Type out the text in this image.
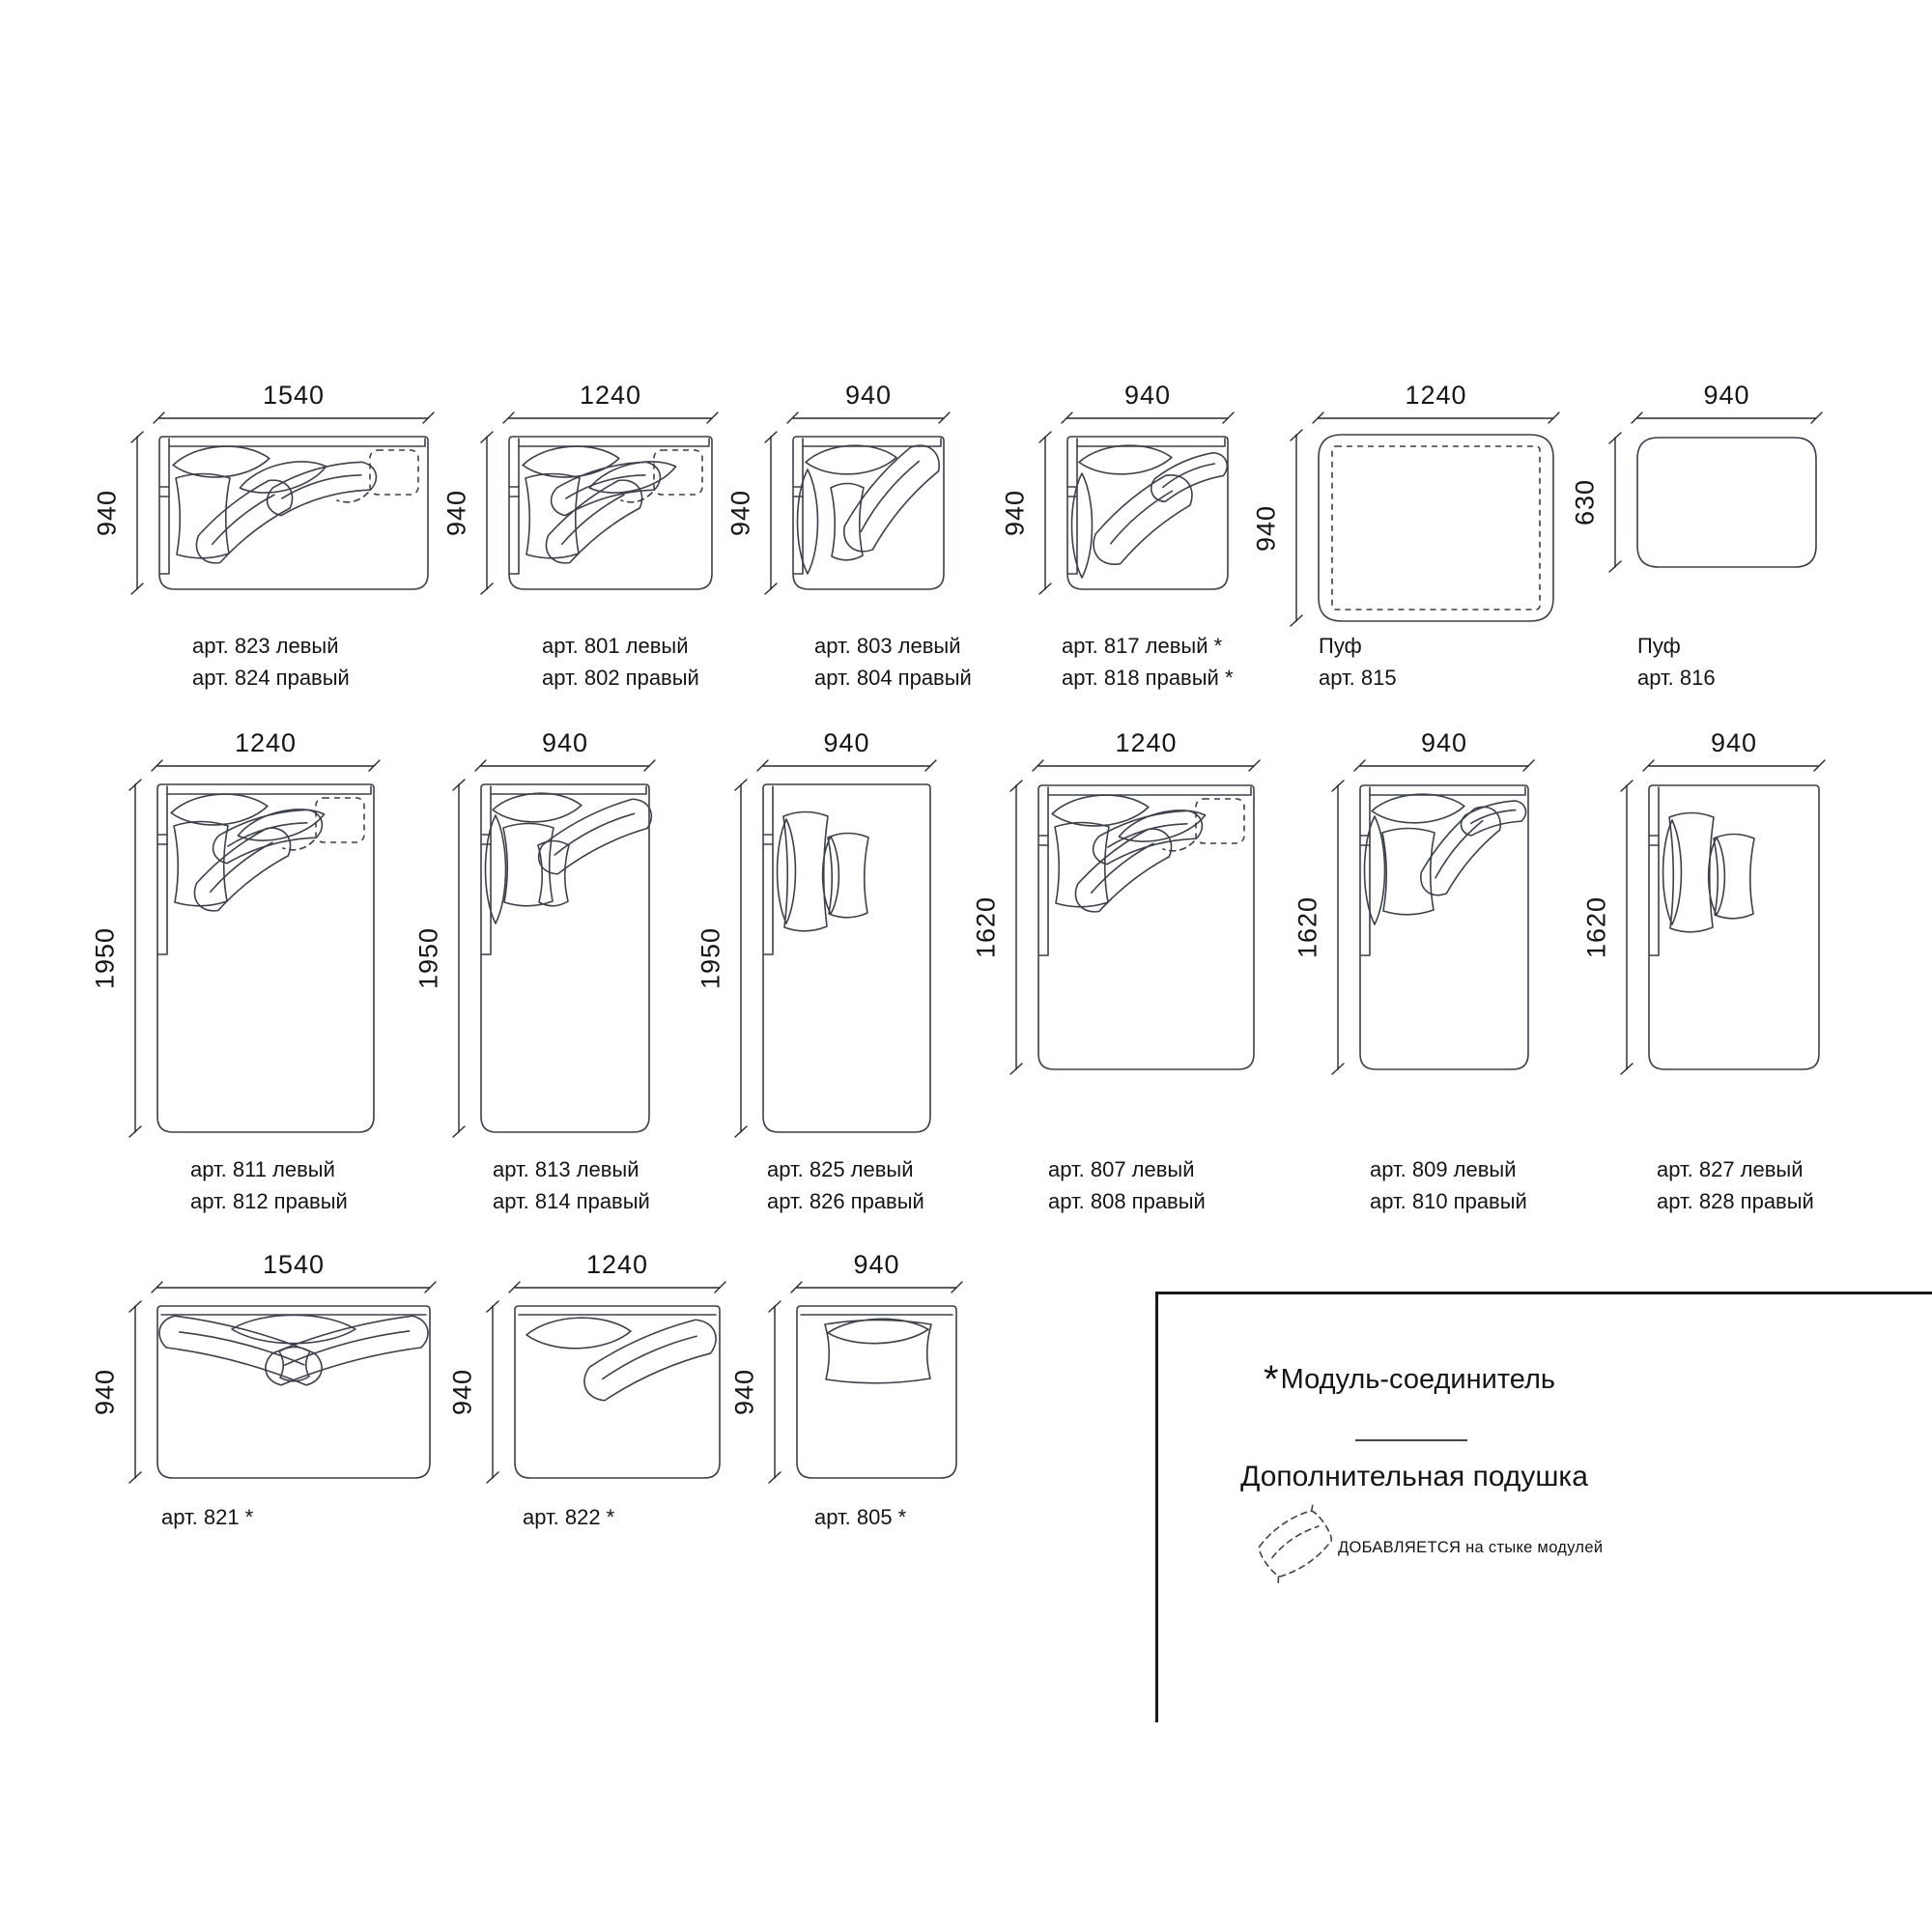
1540
940
арт. 823 левый
арт. 824 правый
1240
940
арт. 801 левый
арт. 802 правый
940
940
арт. 803 левый
арт. 804 правый
940
940
арт. 817 левый *
арт. 818 правый *
1240
940
Пуф
арт. 815
940
630
Пуф
арт. 816
1240
1950
арт. 811 левый
арт. 812 правый
940
1950
арт. 813 левый
арт. 814 правый
940
1950
арт. 825 левый
арт. 826 правый
1240
1620
арт. 807 левый
арт. 808 правый
940
1620
арт. 809 левый
арт. 810 правый
940
1620
арт. 827 левый
арт. 828 правый
1540
940
арт. 821 *
1240
940
арт. 822 *
940
940
арт. 805 *
*Модуль-соединитель
Дополнительная подушка
ДОБАВЛЯЕТСЯ на стыке модулей
